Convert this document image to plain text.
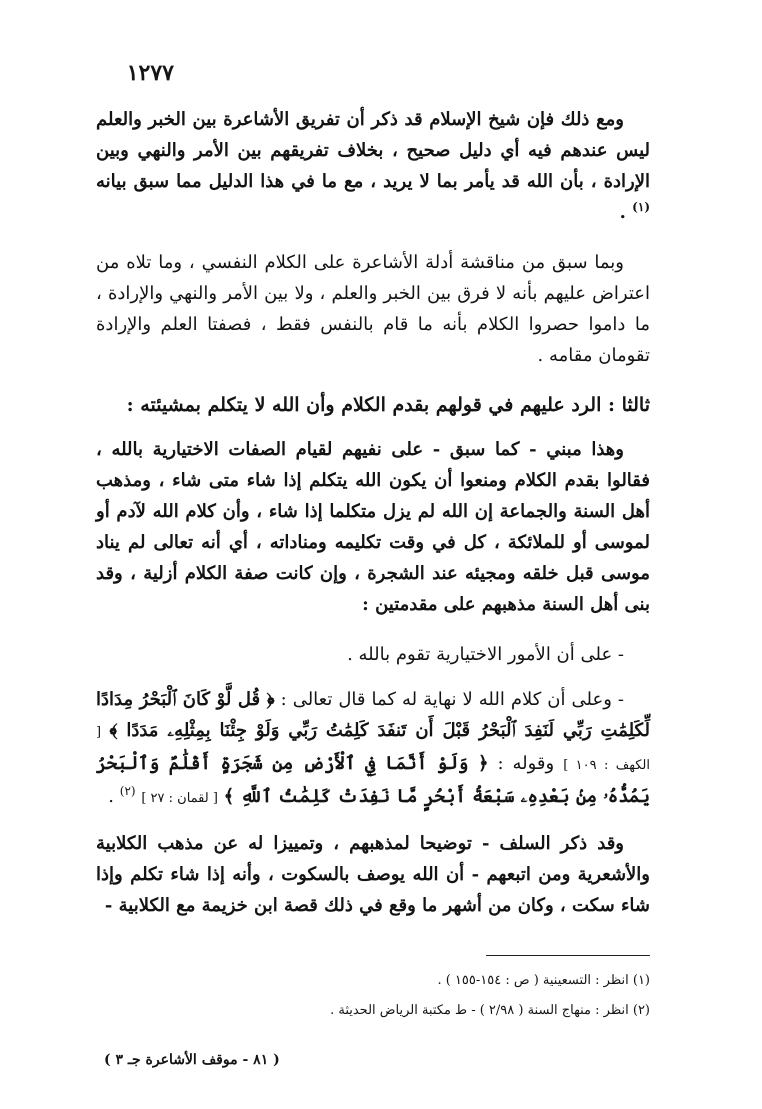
١٢٧٧

ومع ذلك فإن شيخ الإسلام قد ذكر أن تفريق الأشاعرة بين الخبر والعلم ليس عندهم فيه أي دليل صحيح ، بخلاف تفريقهم بين الأمر والنهي وبين الإرادة ، بأن الله قد يأمر بما لا يريد ، مع ما في هذا الدليل مما سبق بيانه $^{(١)}$ .

وبما سبق من مناقشة أدلة الأشاعرة على الكلام النفسي ، وما تلاه من اعتراض عليهم بأنه لا فرق بين الخبر والعلم ، ولا بين الأمر والنهي والإرادة ، ما داموا حصروا الكلام بأنه ما قام بالنفس فقط ، فصفتا العلم والإرادة تقومان مقامه .

ثالثا : الرد عليهم في قولهم بقدم الكلام وأن الله لا يتكلم بمشيئته :

وهذا مبني - كما سبق - على نفيهم لقيام الصفات الاختيارية بالله ، فقالوا بقدم الكلام ومنعوا أن يكون الله يتكلم إذا شاء متى شاء ، ومذهب أهل السنة والجماعة إن الله لم يزل متكلما إذا شاء ، وأن كلام الله لآدم أو لموسى أو للملائكة ، كل في وقت تكليمه ومناداته ، أي أنه تعالى لم يناد موسى قبل خلقه ومجيئه عند الشجرة ، وإن كانت صفة الكلام أزلية ، وقد بنى أهل السنة مذهبهم على مقدمتين :

- على أن الأمور الاختيارية تقوم بالله .

- وعلى أن كلام الله لا نهاية له كما قال تعالى : ﴿ قُل لَّوْ كَانَ ٱلْبَحْرُ مِدَادًا لِّكَلِمَٰتِ رَبِّي لَنَفِدَ ٱلْبَحْرُ قَبْلَ أَن تَنفَدَ كَلِمَٰتُ رَبِّي وَلَوْ جِئْنَا بِمِثْلِهِۦ مَدَدًا ﴾ [ الكهف : ١٠٩ ] وقوله : ﴿ وَلَوْ أَنَّمَا فِي ٱلْأَرْضِ مِن شَجَرَةٍ أَقْلَٰمٌ وَٱلْبَحْرُ يَمُدُّهُۥ مِنۢ بَعْدِهِۦ سَبْعَةُ أَبْحُرٍ مَّا نَفِدَتْ كَلِمَٰتُ ٱللَّهِ ﴾ [ لقمان : ٢٧ ] $^{(٢)}$ .

وقد ذكر السلف - توضيحا لمذهبهم ، وتمييزا له عن مذهب الكلابية والأشعرية ومن اتبعهم - أن الله يوصف بالسكوت ، وأنه إذا شاء تكلم وإذا شاء سكت ، وكان من أشهر ما وقع في ذلك قصة ابن خزيمة مع الكلابية -

(١) انظر : التسعينية ( ص : ١٥٤-١٥٥ ) .

(٢) انظر : منهاج السنة ( ٢/٩٨ ) - ط مكتبة الرياض الحديثة .

( ٨١ - موقف الأشاعرة جـ ٣ )
